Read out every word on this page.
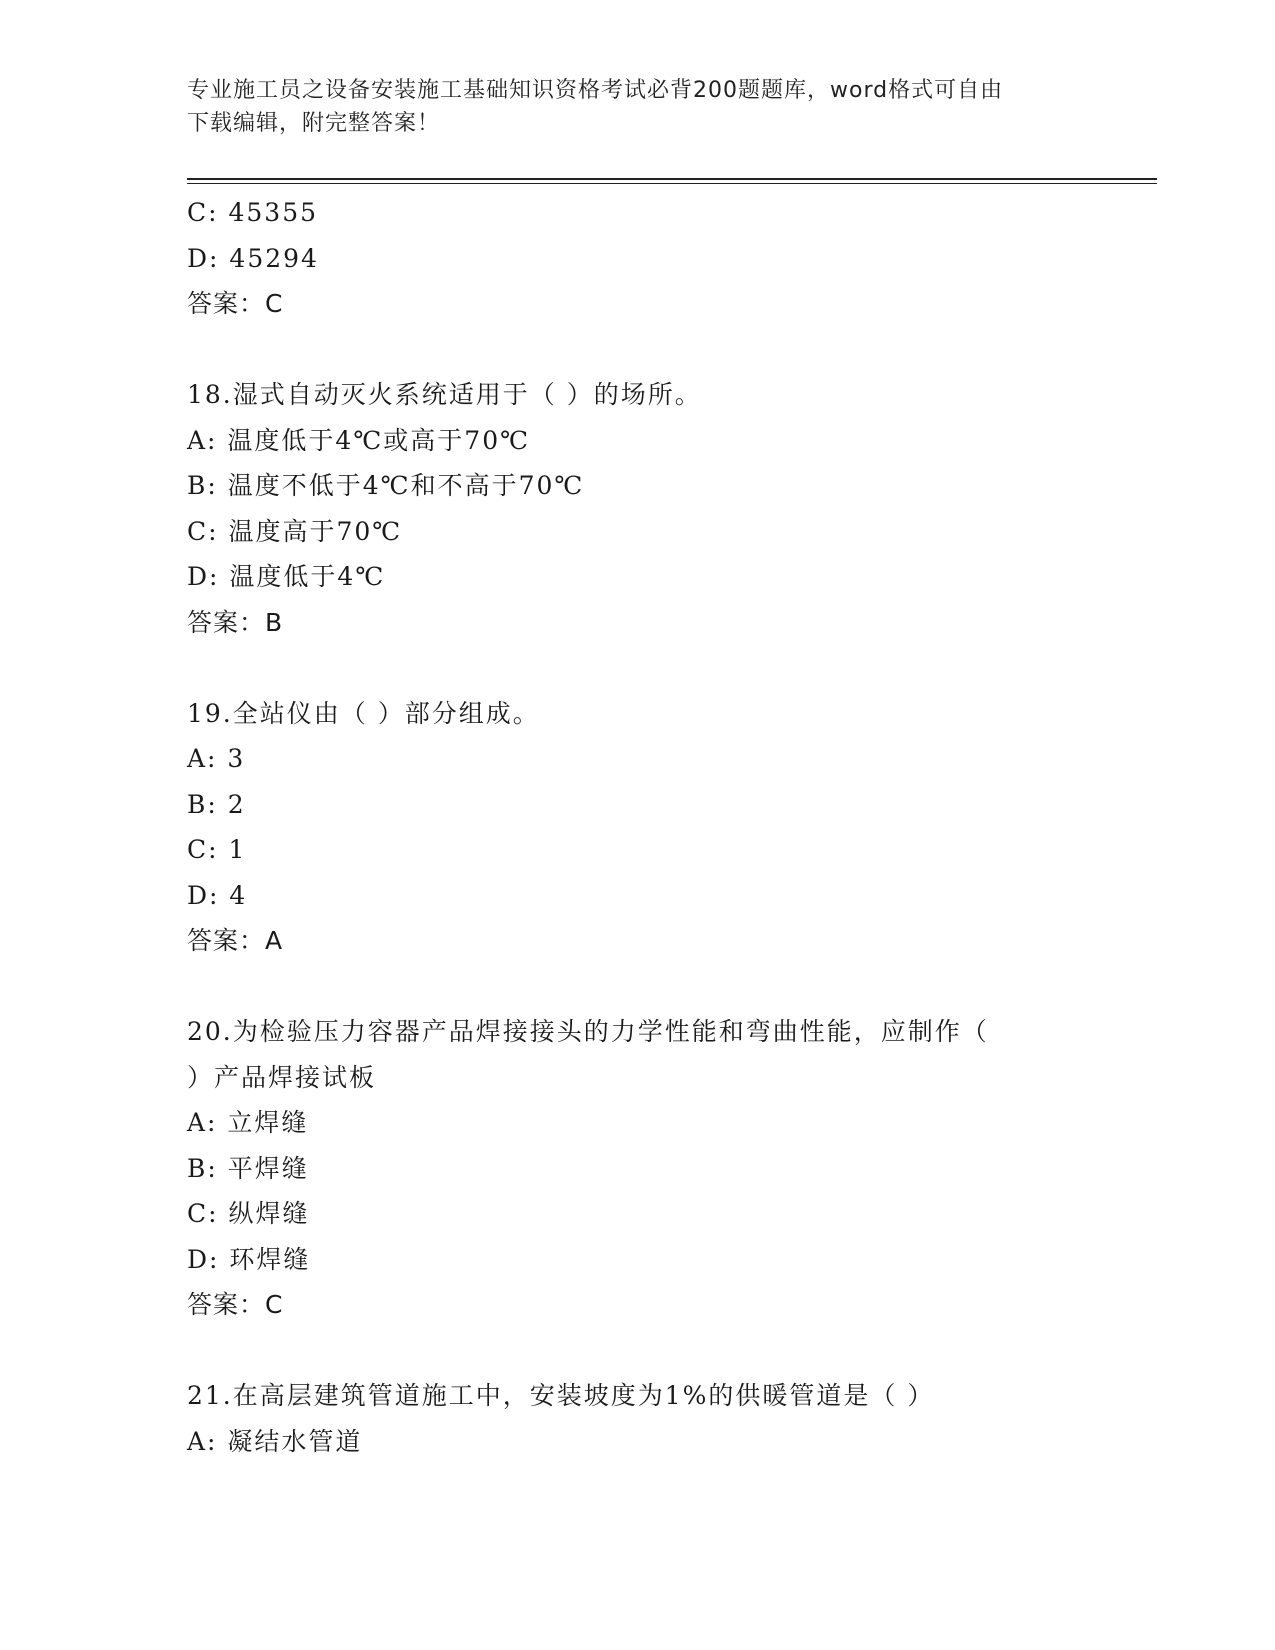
专业施工员之设备安装施工基础知识资格考试必背200题题库，word格式可自由
下载编辑，附完整答案！
C: 45355
D: 45294
答案：C
18.湿式自动灭火系统适用于（ ）的场所。
A: 温度低于4℃或高于70℃
B: 温度不低于4℃和不高于70℃
C: 温度高于70℃
D: 温度低于4℃
答案：B
19.全站仪由（ ）部分组成。
A: 3
B: 2
C: 1
D: 4
答案：A
20.为检验压力容器产品焊接接头的力学性能和弯曲性能，应制作（
）产品焊接试板
A: 立焊缝
B: 平焊缝
C: 纵焊缝
D: 环焊缝
答案：C
21.在高层建筑管道施工中，安装坡度为1%的供暖管道是（ ）
A: 凝结水管道
